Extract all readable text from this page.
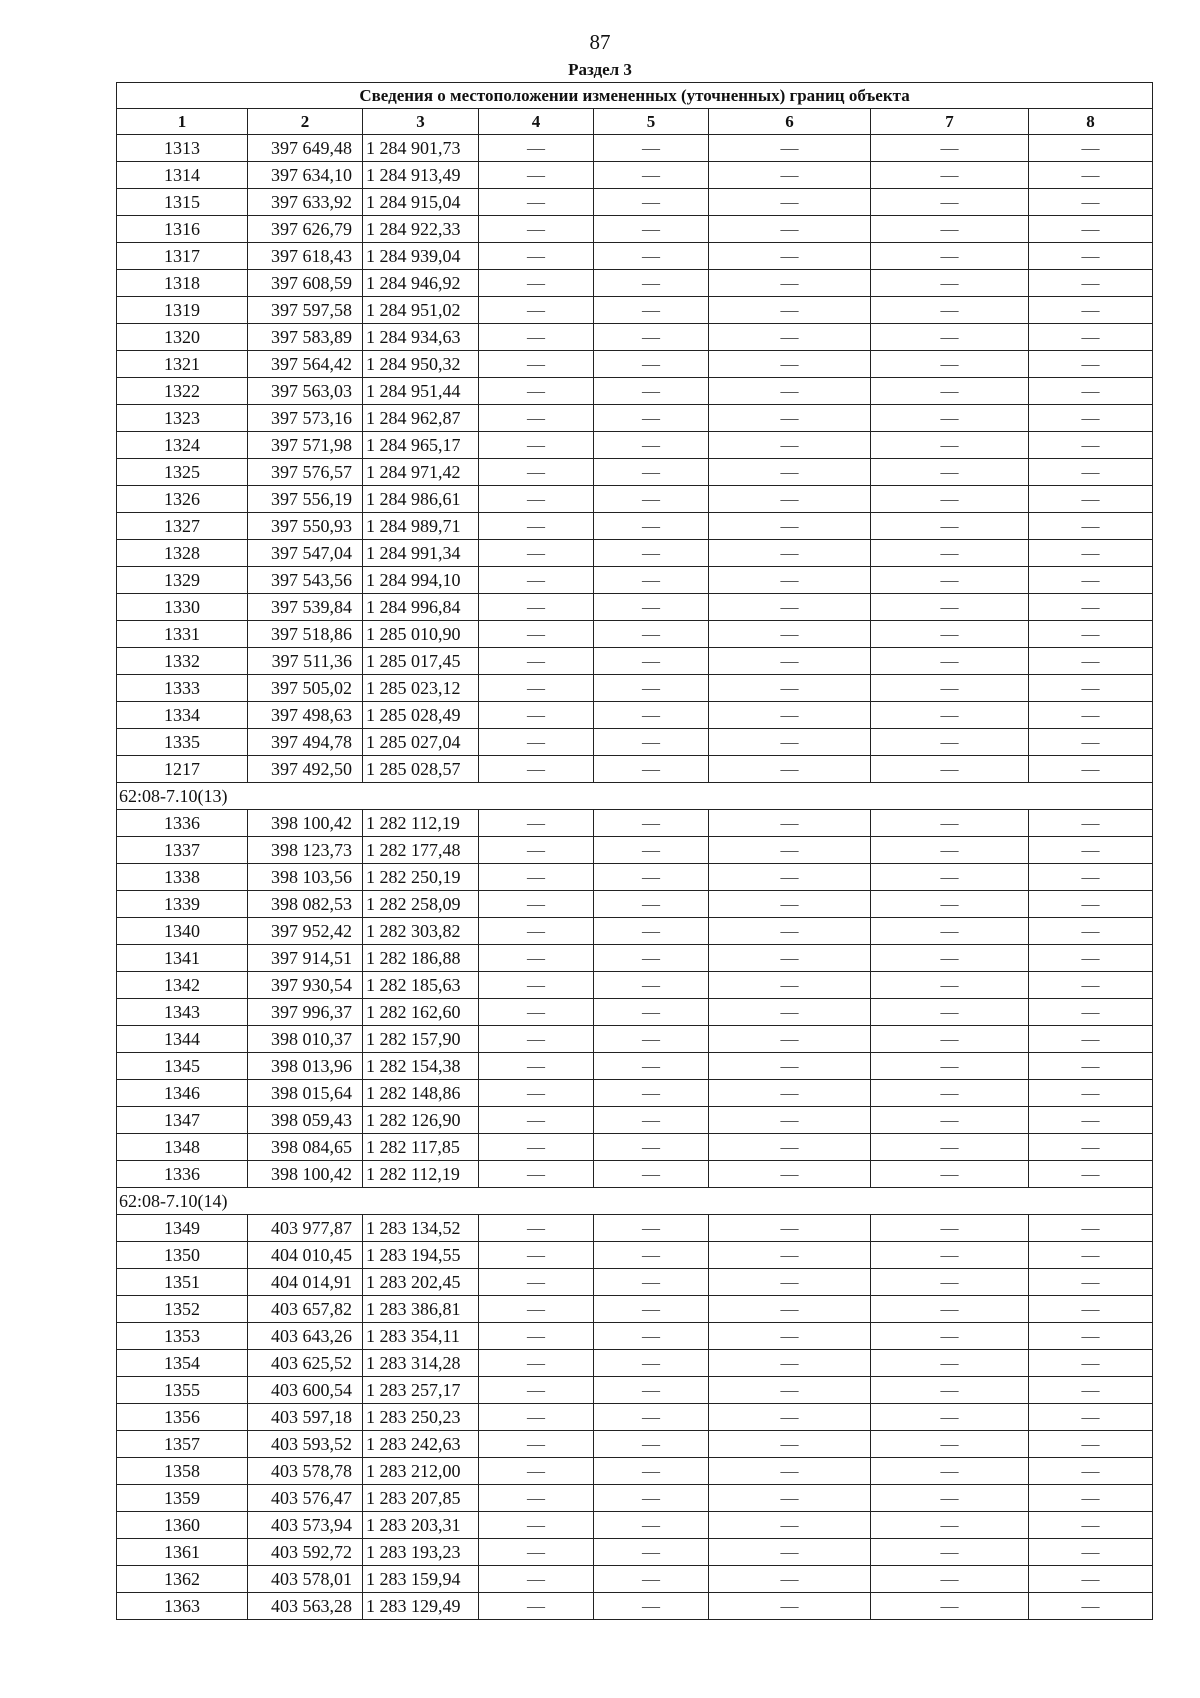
87
Раздел 3
Сведения о местоположении измененных (уточненных) границ объекта							
1	2	3	4	5	6	7	8
1313	397 649,48	1 284 901,73	—	—	—	—	—
1314	397 634,10	1 284 913,49	—	—	—	—	—
1315	397 633,92	1 284 915,04	—	—	—	—	—
1316	397 626,79	1 284 922,33	—	—	—	—	—
1317	397 618,43	1 284 939,04	—	—	—	—	—
1318	397 608,59	1 284 946,92	—	—	—	—	—
1319	397 597,58	1 284 951,02	—	—	—	—	—
1320	397 583,89	1 284 934,63	—	—	—	—	—
1321	397 564,42	1 284 950,32	—	—	—	—	—
1322	397 563,03	1 284 951,44	—	—	—	—	—
1323	397 573,16	1 284 962,87	—	—	—	—	—
1324	397 571,98	1 284 965,17	—	—	—	—	—
1325	397 576,57	1 284 971,42	—	—	—	—	—
1326	397 556,19	1 284 986,61	—	—	—	—	—
1327	397 550,93	1 284 989,71	—	—	—	—	—
1328	397 547,04	1 284 991,34	—	—	—	—	—
1329	397 543,56	1 284 994,10	—	—	—	—	—
1330	397 539,84	1 284 996,84	—	—	—	—	—
1331	397 518,86	1 285 010,90	—	—	—	—	—
1332	397 511,36	1 285 017,45	—	—	—	—	—
1333	397 505,02	1 285 023,12	—	—	—	—	—
1334	397 498,63	1 285 028,49	—	—	—	—	—
1335	397 494,78	1 285 027,04	—	—	—	—	—
1217	397 492,50	1 285 028,57	—	—	—	—	—
62:08-7.10(13)							
1336	398 100,42	1 282 112,19	—	—	—	—	—
1337	398 123,73	1 282 177,48	—	—	—	—	—
1338	398 103,56	1 282 250,19	—	—	—	—	—
1339	398 082,53	1 282 258,09	—	—	—	—	—
1340	397 952,42	1 282 303,82	—	—	—	—	—
1341	397 914,51	1 282 186,88	—	—	—	—	—
1342	397 930,54	1 282 185,63	—	—	—	—	—
1343	397 996,37	1 282 162,60	—	—	—	—	—
1344	398 010,37	1 282 157,90	—	—	—	—	—
1345	398 013,96	1 282 154,38	—	—	—	—	—
1346	398 015,64	1 282 148,86	—	—	—	—	—
1347	398 059,43	1 282 126,90	—	—	—	—	—
1348	398 084,65	1 282 117,85	—	—	—	—	—
1336	398 100,42	1 282 112,19	—	—	—	—	—
62:08-7.10(14)							
1349	403 977,87	1 283 134,52	—	—	—	—	—
1350	404 010,45	1 283 194,55	—	—	—	—	—
1351	404 014,91	1 283 202,45	—	—	—	—	—
1352	403 657,82	1 283 386,81	—	—	—	—	—
1353	403 643,26	1 283 354,11	—	—	—	—	—
1354	403 625,52	1 283 314,28	—	—	—	—	—
1355	403 600,54	1 283 257,17	—	—	—	—	—
1356	403 597,18	1 283 250,23	—	—	—	—	—
1357	403 593,52	1 283 242,63	—	—	—	—	—
1358	403 578,78	1 283 212,00	—	—	—	—	—
1359	403 576,47	1 283 207,85	—	—	—	—	—
1360	403 573,94	1 283 203,31	—	—	—	—	—
1361	403 592,72	1 283 193,23	—	—	—	—	—
1362	403 578,01	1 283 159,94	—	—	—	—	—
1363	403 563,28	1 283 129,49	—	—	—	—	—
